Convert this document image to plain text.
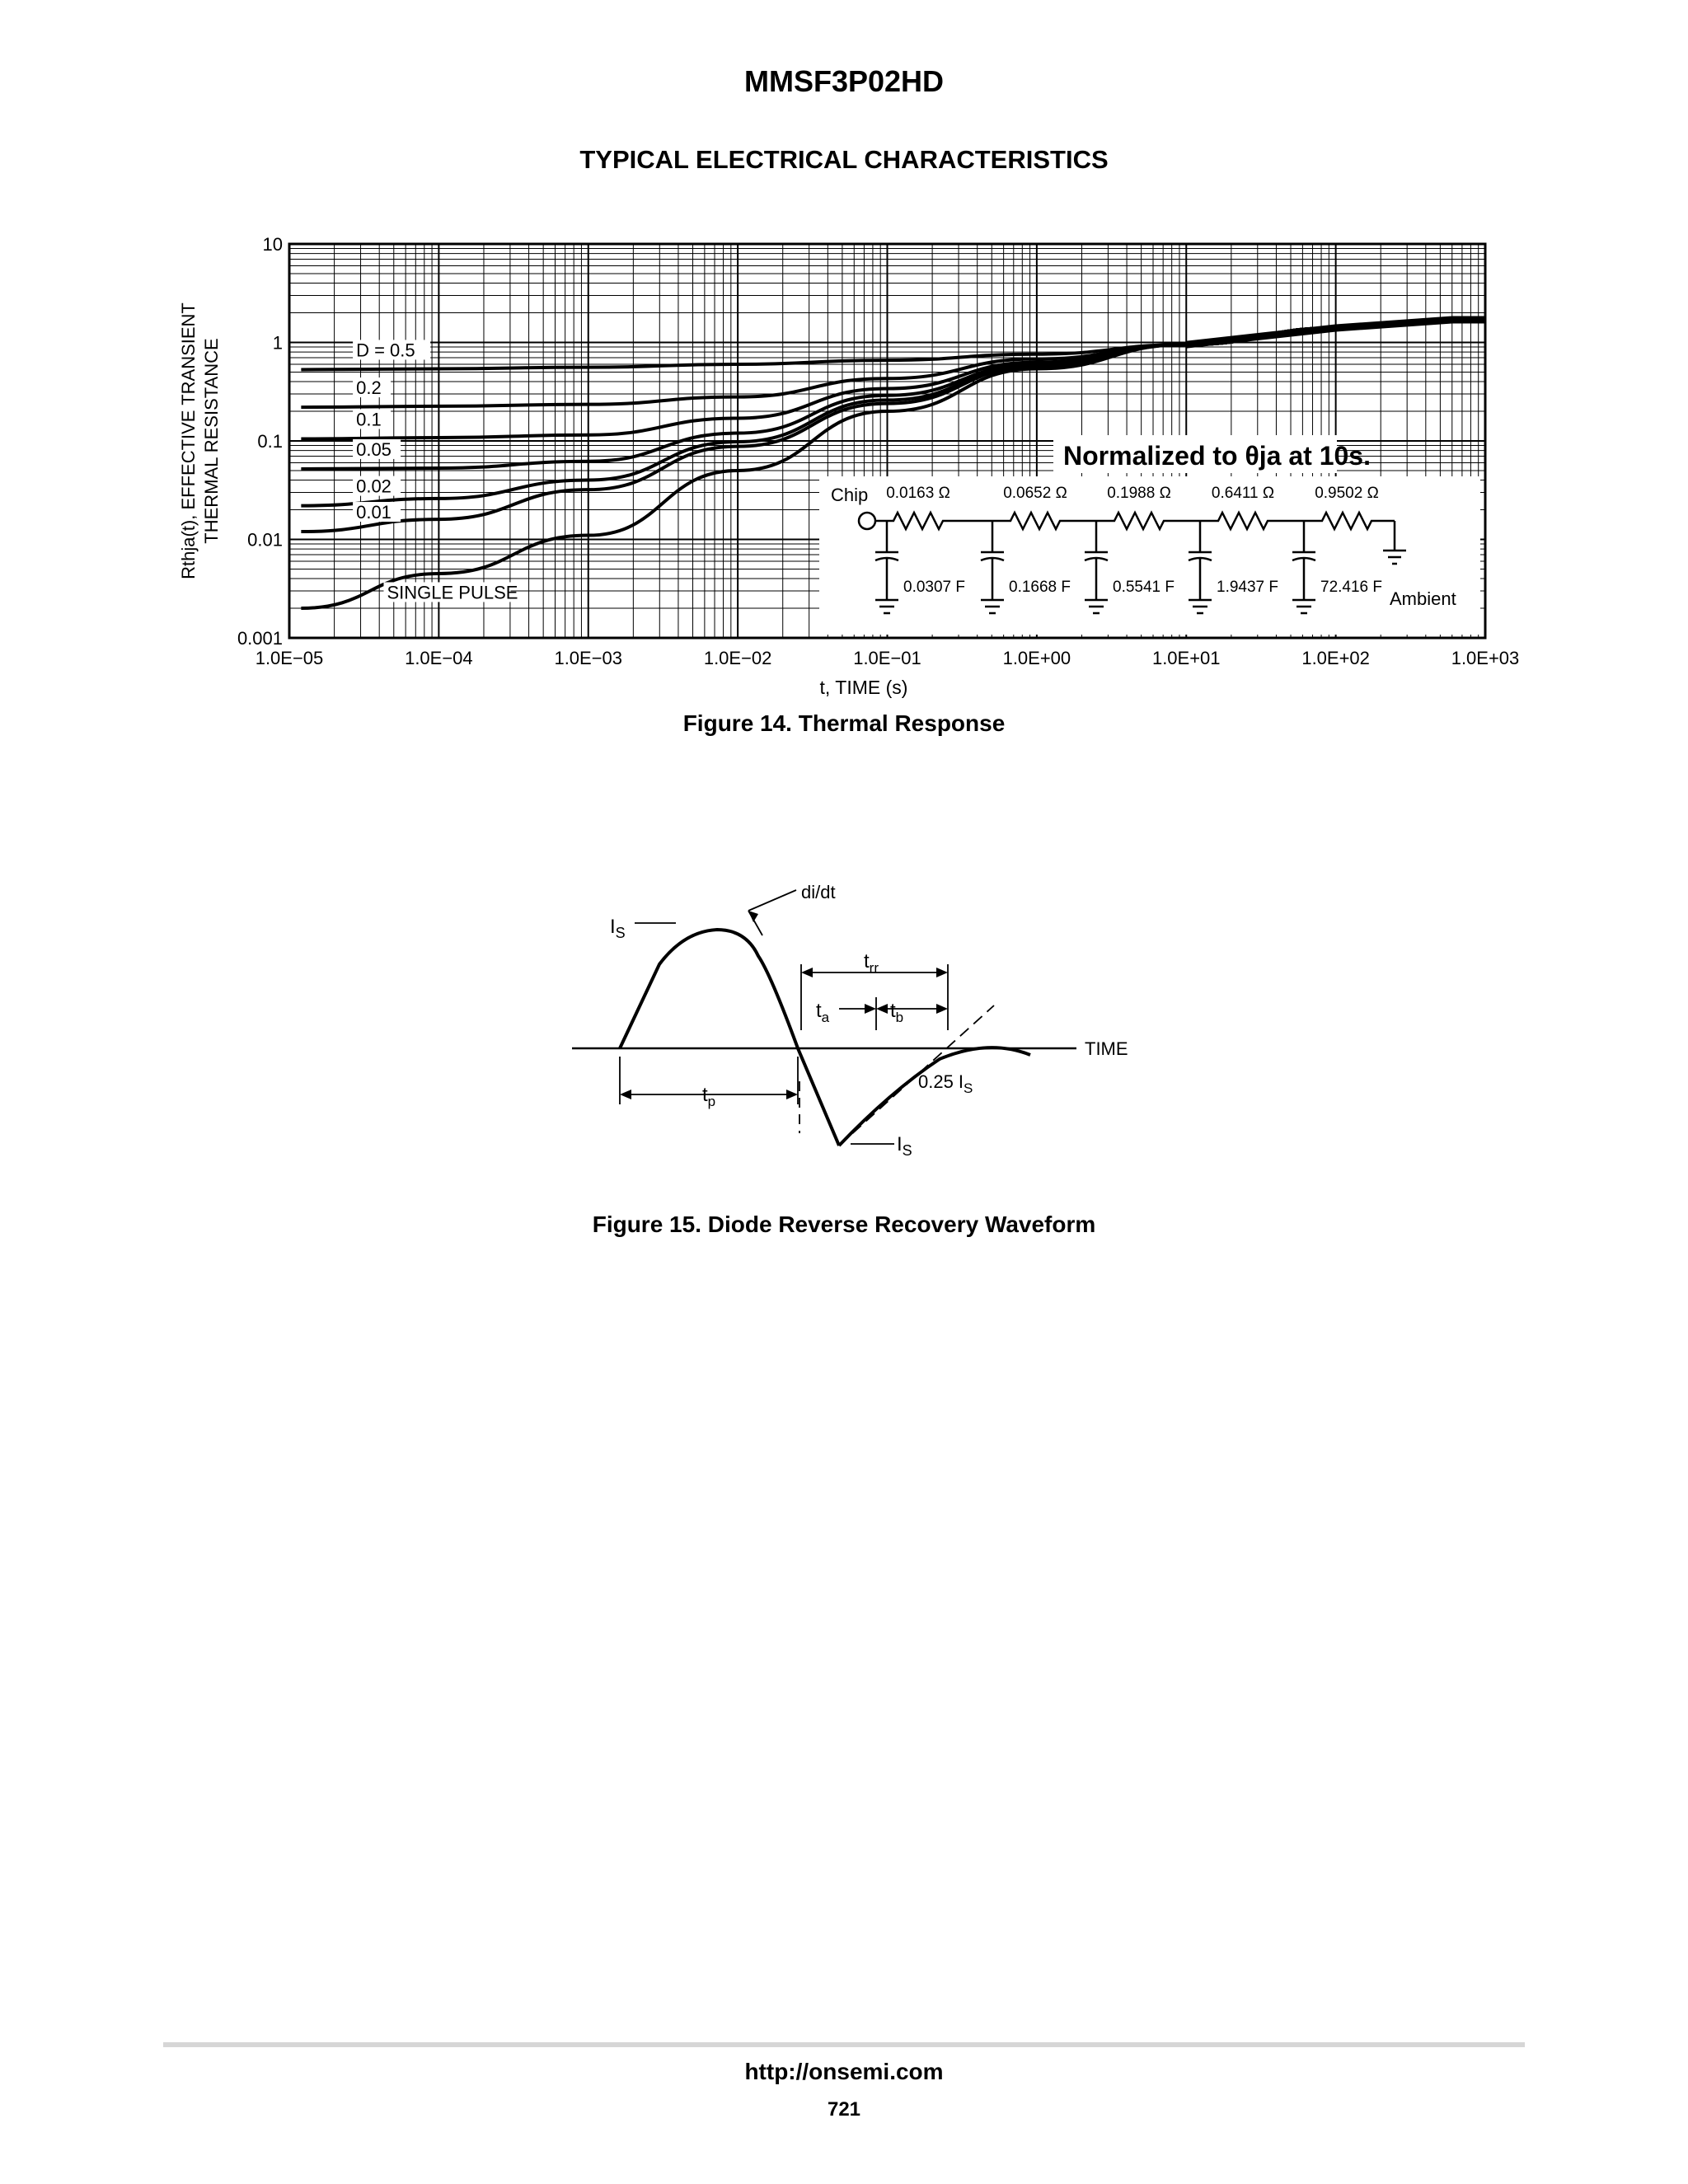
MMSF3P02HD
TYPICAL ELECTRICAL CHARACTERISTICS
0.001
0.01
0.1
1
10
1.0E−05	1.0E−04	1.0E−03	1.0E−02	1.0E−01	1.0E+00	1.0E+01	1.0E+02	1.0E+03
Rthja(t), EFFECTIVE TRANSIENT THERMAL RESISTANCE
t, TIME (s)
D = 0.5
0.2
0.1
0.05
0.02
0.01
SINGLE PULSE
Normalized to θja at 10s.
Chip
Ambient
0.0163 Ω	0.0652 Ω	0.1988 Ω	0.6411 Ω	0.9502 Ω
0.0307 F	0.1668 F	0.5541 F	1.9437 F	72.416 F
Figure 14. Thermal Response
$I_S$
di/dt
$t_{rr}$
$t_a$	$t_b$
$t_p$
TIME
0.25 $I_S$
$I_S$
Figure 15. Diode Reverse Recovery Waveform
http://onsemi.com
721
